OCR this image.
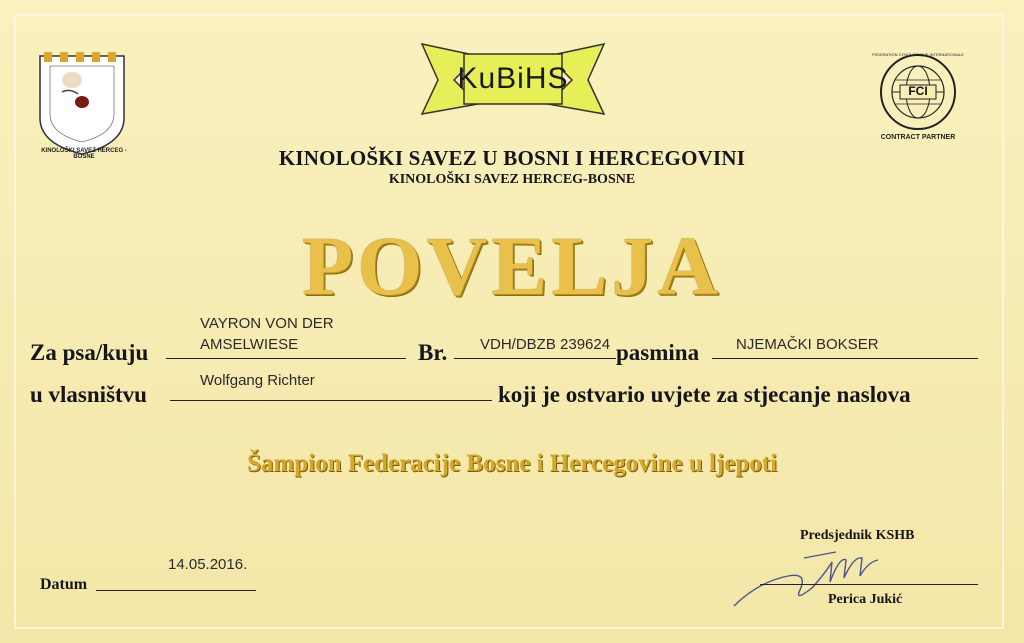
KINOLOŠKI SAVEZ HERCEG - BOSNE
KuBiHS	FCI
FEDERATION CYNOLOGIQUE INTERNATIONALE
CONTRACT PARTNER
KINOLOŠKI SAVEZ U BOSNI I HERCEGOVINI
KINOLOŠKI SAVEZ HERCEG-BOSNE
POVELJA
Za psa/kuju
VAYRON VON DER
AMSELWIESE	Br. VDH/DBZB 239624 pasmina NJEMAČKI BOKSER
u vlasništvu
Wolfgang Richter
koji je ostvario uvjete za stjecanje naslova
Šampion Federacije Bosne i Hercegovine u ljepoti
14.05.2016.
Datum
Predsjednik KSHB
Perica Jukić
